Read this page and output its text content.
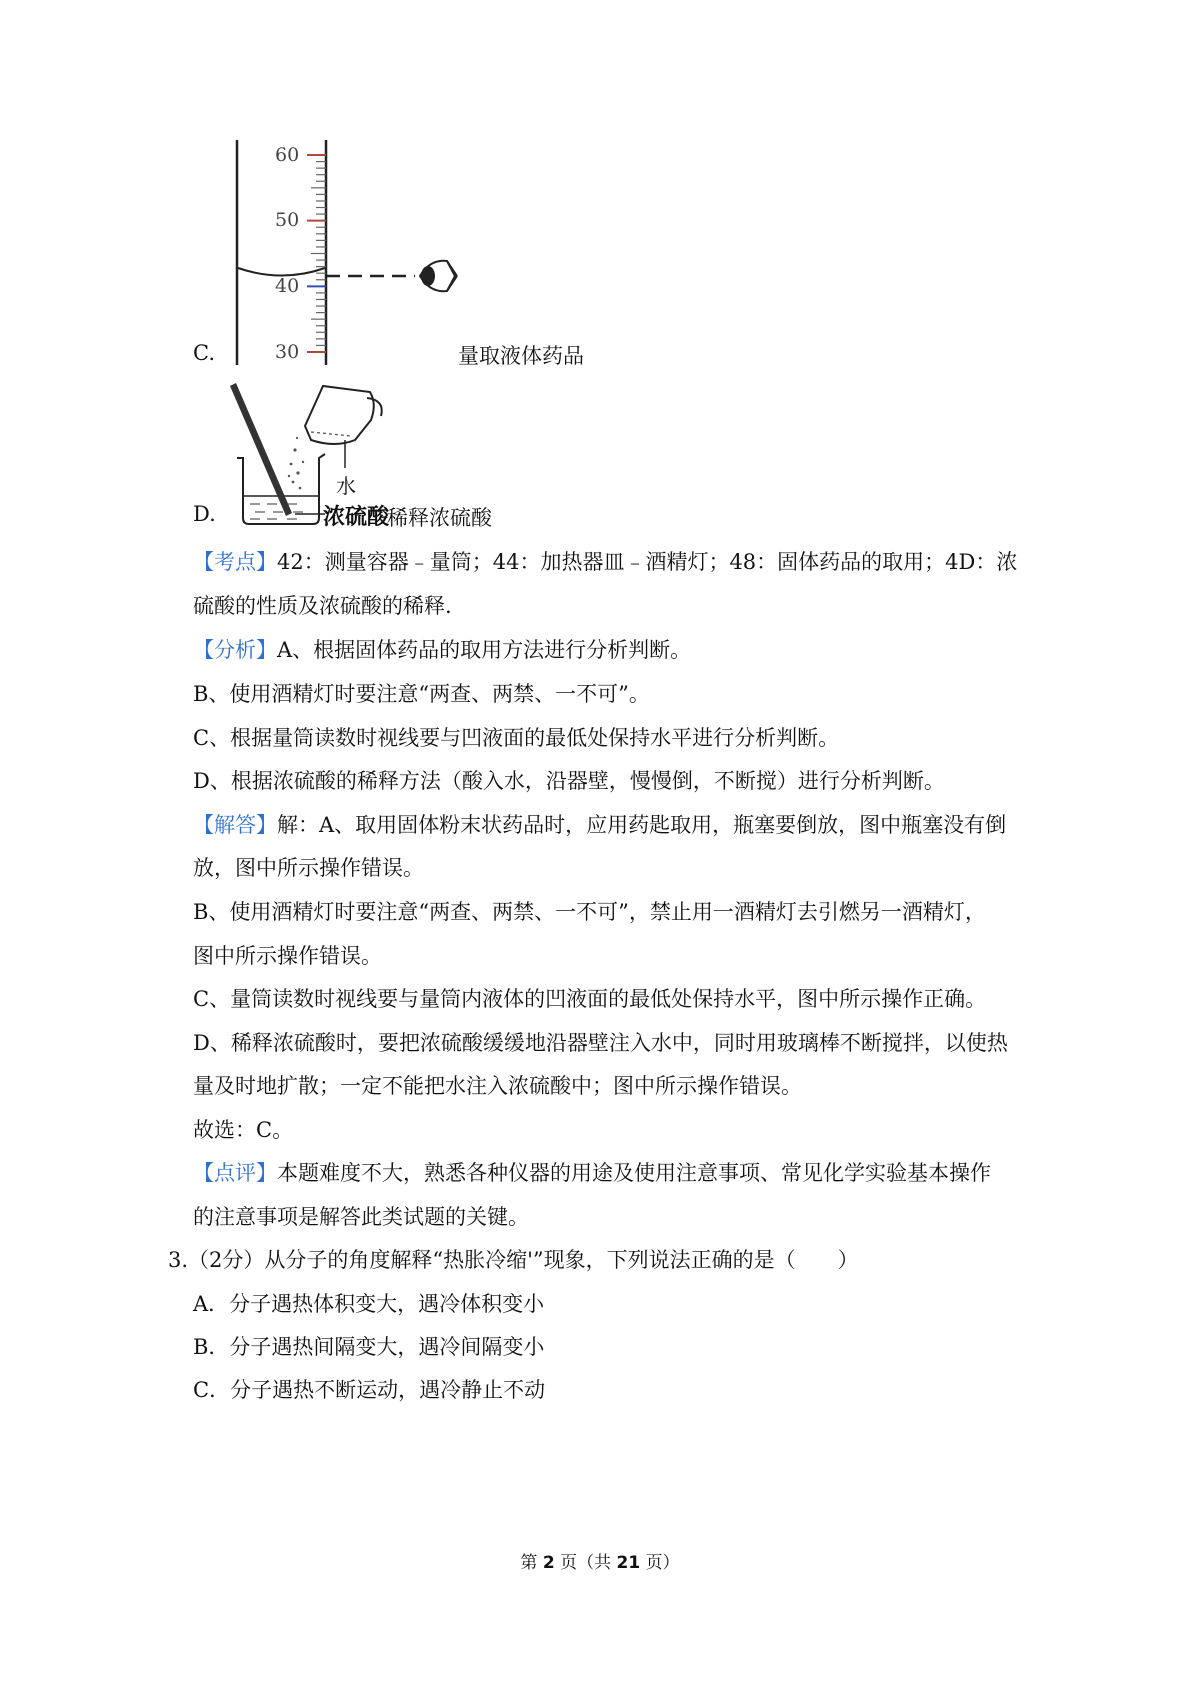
60
50
40
30
C.	量取液体药品
水
浓硫酸
D.	稀释浓硫酸
【考点】42：测量容器﹣量筒；44：加热器皿﹣酒精灯；48：固体药品的取用；4D：浓
硫酸的性质及浓硫酸的稀释.
【分析】A、根据固体药品的取用方法进行分析判断。
B、使用酒精灯时要注意“两查、两禁、一不可”。
C、根据量筒读数时视线要与凹液面的最低处保持水平进行分析判断。
D、根据浓硫酸的稀释方法（酸入水，沿器壁，慢慢倒，不断搅）进行分析判断。
【解答】解：A、取用固体粉末状药品时，应用药匙取用，瓶塞要倒放，图中瓶塞没有倒
放，图中所示操作错误。
B、使用酒精灯时要注意“两查、两禁、一不可”，禁止用一酒精灯去引燃另一酒精灯，
图中所示操作错误。
C、量筒读数时视线要与量筒内液体的凹液面的最低处保持水平，图中所示操作正确。
D、稀释浓硫酸时，要把浓硫酸缓缓地沿器壁注入水中，同时用玻璃棒不断搅拌，以使热
量及时地扩散；一定不能把水注入浓硫酸中；图中所示操作错误。
故选：C。
【点评】本题难度不大，熟悉各种仪器的用途及使用注意事项、常见化学实验基本操作
的注意事项是解答此类试题的关键。
3.（2分）从分子的角度解释“热胀冷缩'”现象，下列说法正确的是（　　）
A．分子遇热体积变大，遇冷体积变小
B．分子遇热间隔变大，遇冷间隔变小
C．分子遇热不断运动，遇冷静止不动
第 2 页（共 21 页）
